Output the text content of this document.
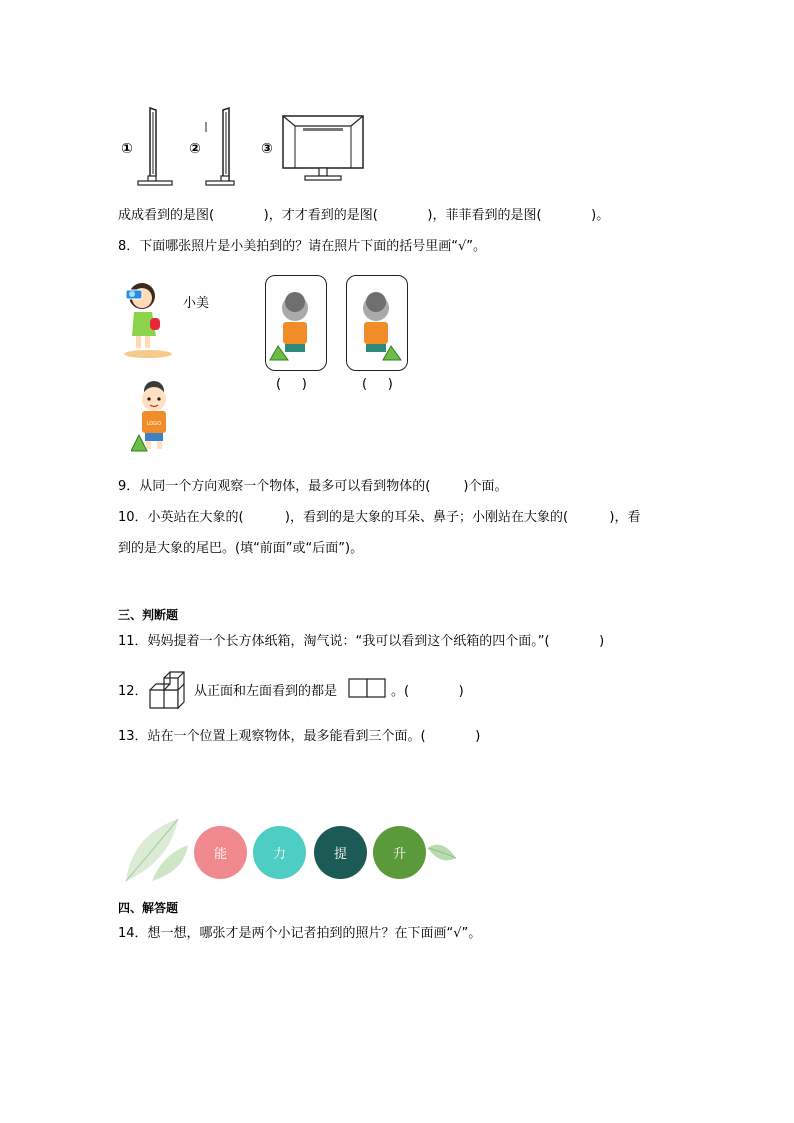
①	②	③
成成看到的是图(            )，才才看到的是图(            )，菲菲看到的是图(            )。
8．下面哪张照片是小美拍到的？请在照片下面的括号里画“√”。
小美
LOGO
(     )	(     )
9．从同一个方向观察一个物体，最多可以看到物体的(        )个面。
10．小英站在大象的(          )，看到的是大象的耳朵、鼻子；小刚站在大象的(          )，看
到的是大象的尾巴。(填“前面”或“后面”)。
三、判断题
11．妈妈提着一个长方体纸箱，淘气说：“我可以看到这个纸箱的四个面。”(            )
12．	从正面和左面看到的都是	。(            )
13．站在一个位置上观察物体，最多能看到三个面。(            )
能	力	提	升
四、解答题
14．想一想，哪张才是两个小记者拍到的照片？在下面画“√”。
